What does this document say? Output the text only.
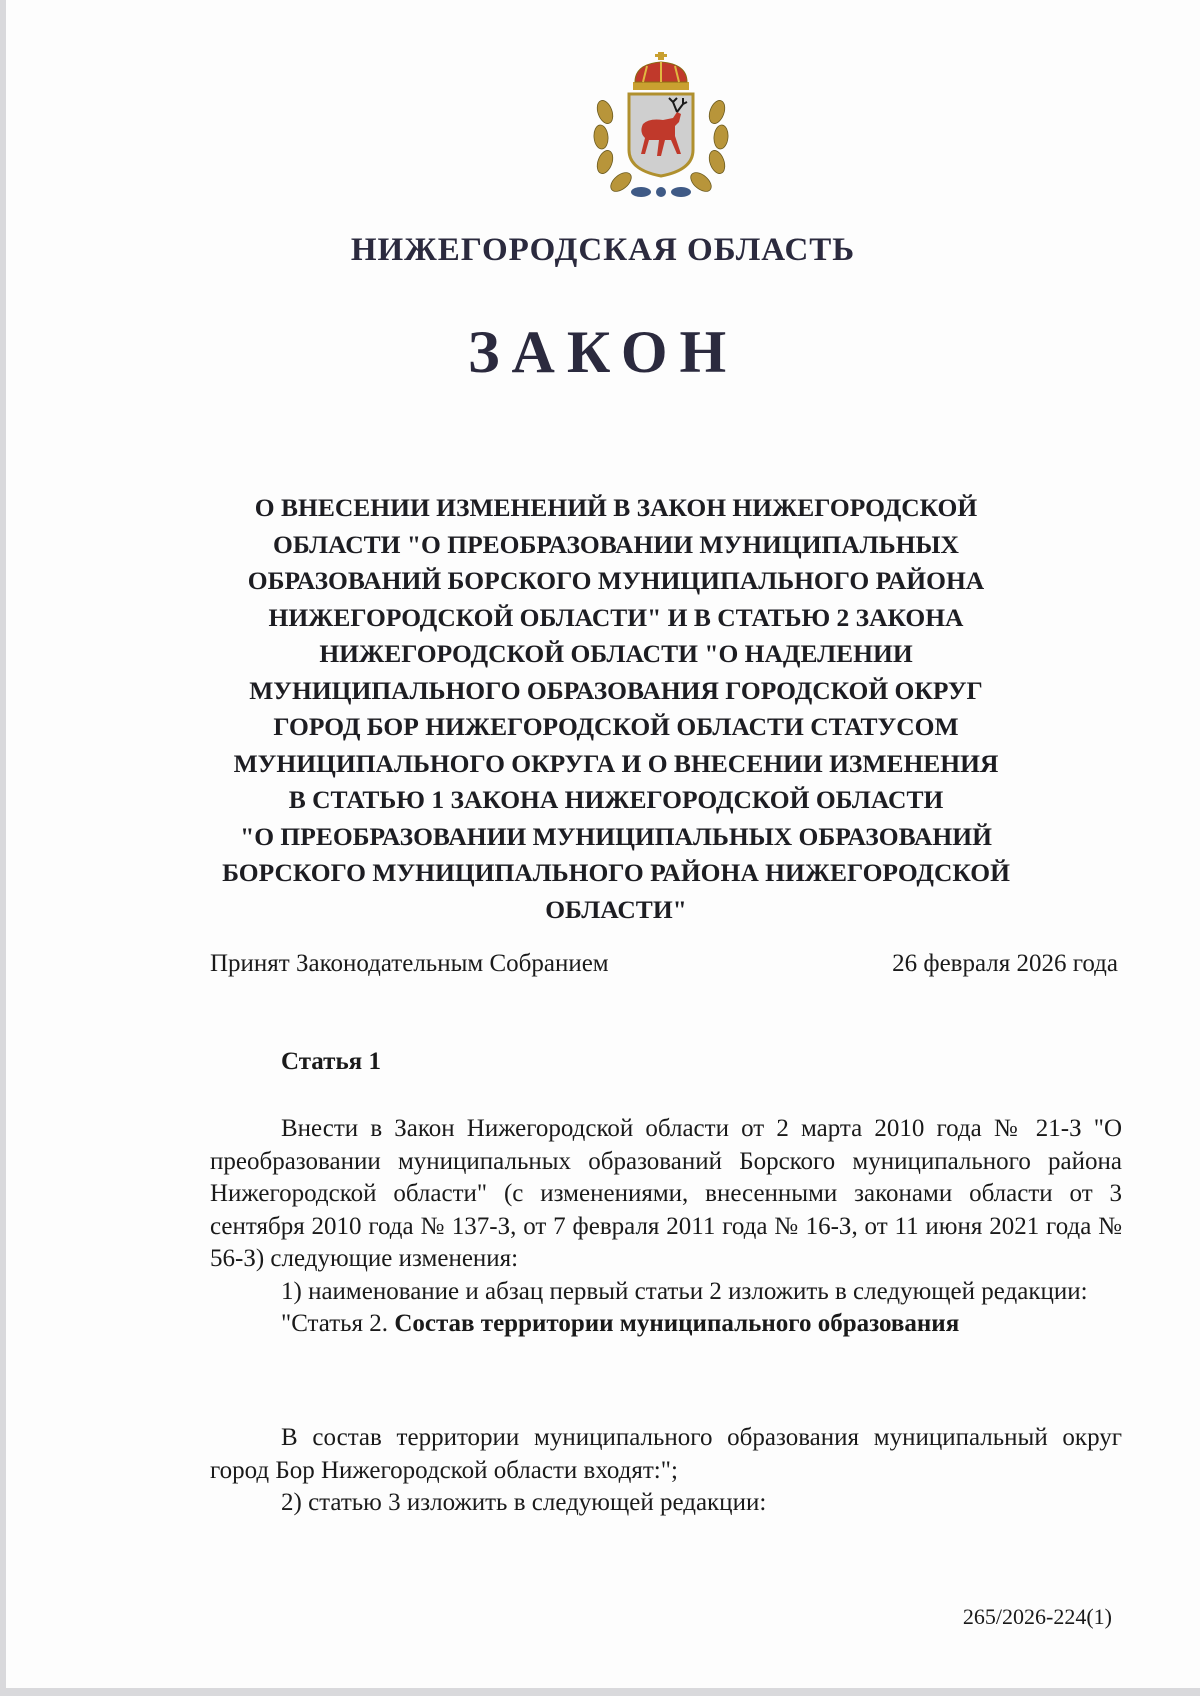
НИЖЕГОРОДСКАЯ ОБЛАСТЬ
ЗАКОН
О ВНЕСЕНИИ ИЗМЕНЕНИЙ В ЗАКОН НИЖЕГОРОДСКОЙ
ОБЛАСТИ "О ПРЕОБРАЗОВАНИИ МУНИЦИПАЛЬНЫХ
ОБРАЗОВАНИЙ БОРСКОГО МУНИЦИПАЛЬНОГО РАЙОНА
НИЖЕГОРОДСКОЙ ОБЛАСТИ" И В СТАТЬЮ 2 ЗАКОНА
НИЖЕГОРОДСКОЙ ОБЛАСТИ "О НАДЕЛЕНИИ
МУНИЦИПАЛЬНОГО ОБРАЗОВАНИЯ ГОРОДСКОЙ ОКРУГ
ГОРОД БОР НИЖЕГОРОДСКОЙ ОБЛАСТИ СТАТУСОМ
МУНИЦИПАЛЬНОГО ОКРУГА И О ВНЕСЕНИИ ИЗМЕНЕНИЯ
В СТАТЬЮ 1 ЗАКОНА НИЖЕГОРОДСКОЙ ОБЛАСТИ
"О ПРЕОБРАЗОВАНИИ МУНИЦИПАЛЬНЫХ ОБРАЗОВАНИЙ
БОРСКОГО МУНИЦИПАЛЬНОГО РАЙОНА НИЖЕГОРОДСКОЙ
ОБЛАСТИ"
Принят Законодательным Собранием	26 февраля 2026 года
Статья 1

Внести в Закон Нижегородской области от 2 марта 2010 года № 21-З "О преобразовании муниципальных образований Борского муниципального района Нижегородской области" (с изменениями, внесенными законами области от 3 сентября 2010 года № 137-З, от 7 февраля 2011 года № 16-З, от 11 июня 2021 года № 56-З) следующие изменения:

1) наименование и абзац первый статьи 2 изложить в следующей редакции:

"Статья 2. Состав территории муниципального образования

В состав территории муниципального образования муниципальный округ город Бор Нижегородской области входят:";

2) статью 3 изложить в следующей редакции:

265/2026-224(1)
